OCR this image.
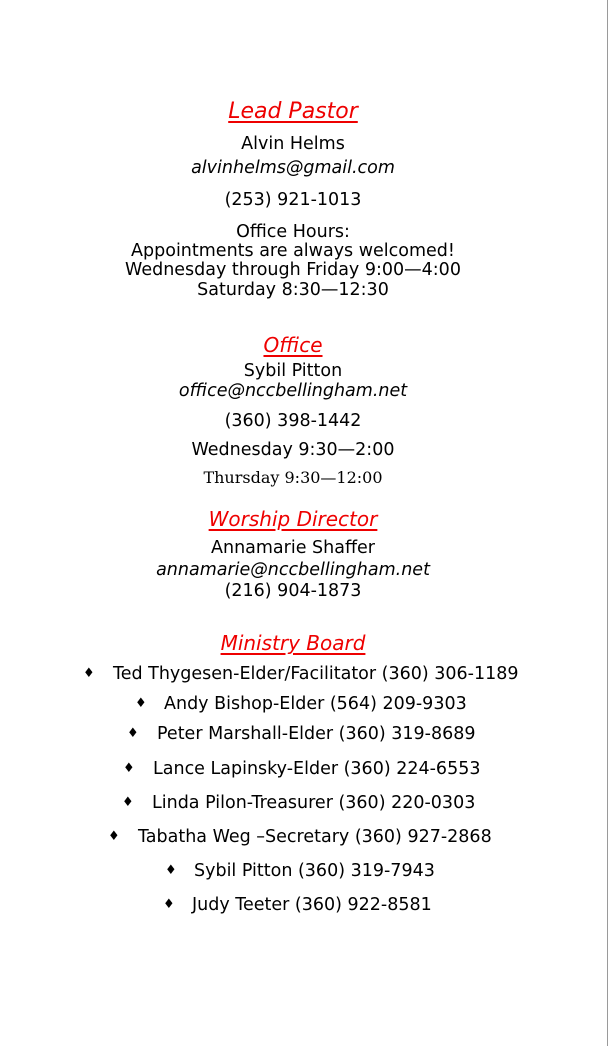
Lead Pastor
Alvin Helms
alvinhelms@gmail.com
(253) 921-1013
Office Hours:
Appointments are always welcomed!
Wednesday through Friday 9:00—4:00
Saturday 8:30—12:30
Office
Sybil Pitton
office@nccbellingham.net
(360) 398-1442
Wednesday 9:30—2:00
Thursday 9:30—12:00
Worship Director
Annamarie Shaffer
annamarie@nccbellingham.net
(216) 904-1873
Ministry Board
♦ Ted Thygesen-Elder/Facilitator (360) 306-1189
♦ Andy Bishop-Elder (564) 209-9303
♦ Peter Marshall-Elder (360) 319-8689
♦ Lance Lapinsky-Elder (360) 224-6553
♦ Linda Pilon-Treasurer (360) 220-0303
♦ Tabatha Weg –Secretary (360) 927-2868
♦ Sybil Pitton (360) 319-7943
♦ Judy Teeter (360) 922-8581
